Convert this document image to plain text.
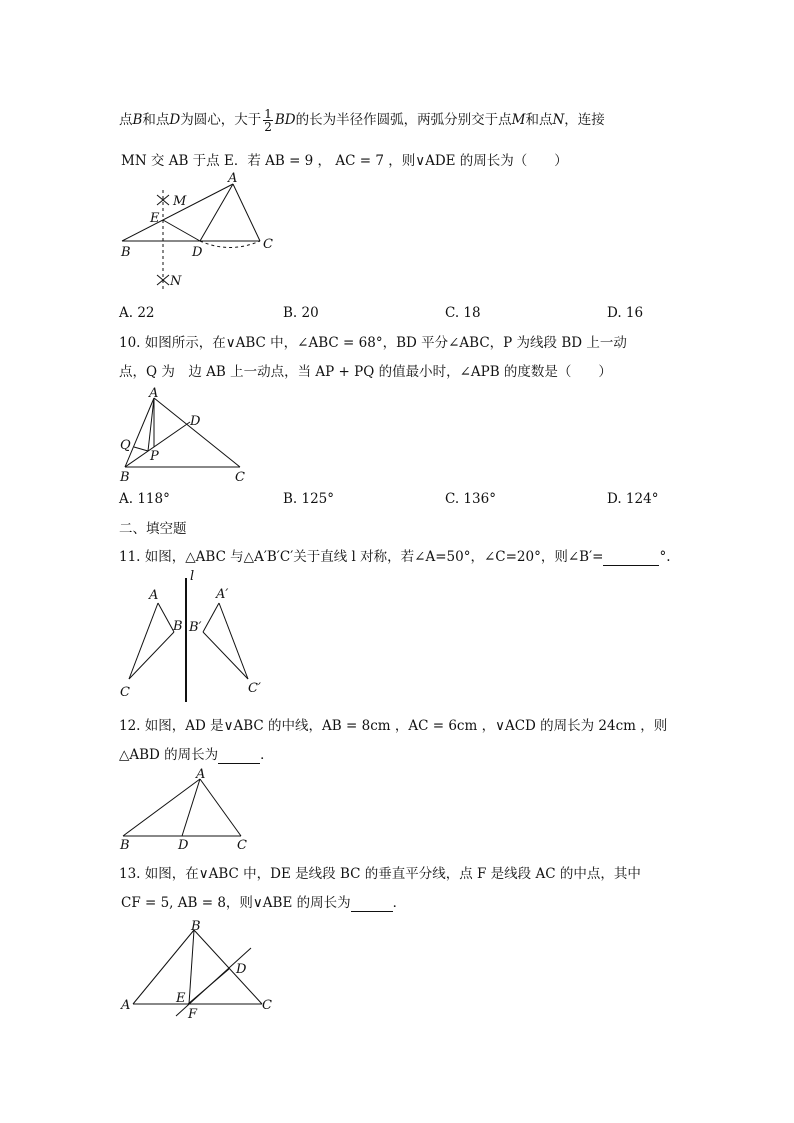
点B和点D为圆心，大于 $\frac{1}{2}$ BD的长为半径作圆弧，两弧分别交于点M和点N，连接
MN 交 AB 于点 E．若 AB = 9 ， AC = 7 ，则∨ADE 的周长为（　　）
A
M
E
B	D
C
N
A. 22	B. 20	C. 18	D. 16
10. 如图所示，在∨ABC 中，∠ABC = 68°，BD 平分∠ABC，P 为线段 BD 上一动
点，Q 为　边 AB 上一动点，当 AP + PQ 的值最小时，∠APB 的度数是（　　）
A
D
Q
P
B	C
A. 118°	B. 125°	C. 136°	D. 124°
二、填空题
11. 如图，△ABC 与△A′B′C′关于直线 l 对称，若∠A=50°，∠C=20°，则∠B′=	°.
l
A
B
C
A′
B′
C′
12. 如图，AD 是∨ABC 的中线，AB = 8cm ，AC = 6cm ，∨ACD 的周长为 24cm ，则
△ABD 的周长为	．
A
B	D	C
13. 如图，在∨ABC 中，DE 是线段 BC 的垂直平分线，点 F 是线段 AC 的中点，其中
CF = 5, AB = 8，则∨ABE 的周长为	．
B
D
A	E	C
F
